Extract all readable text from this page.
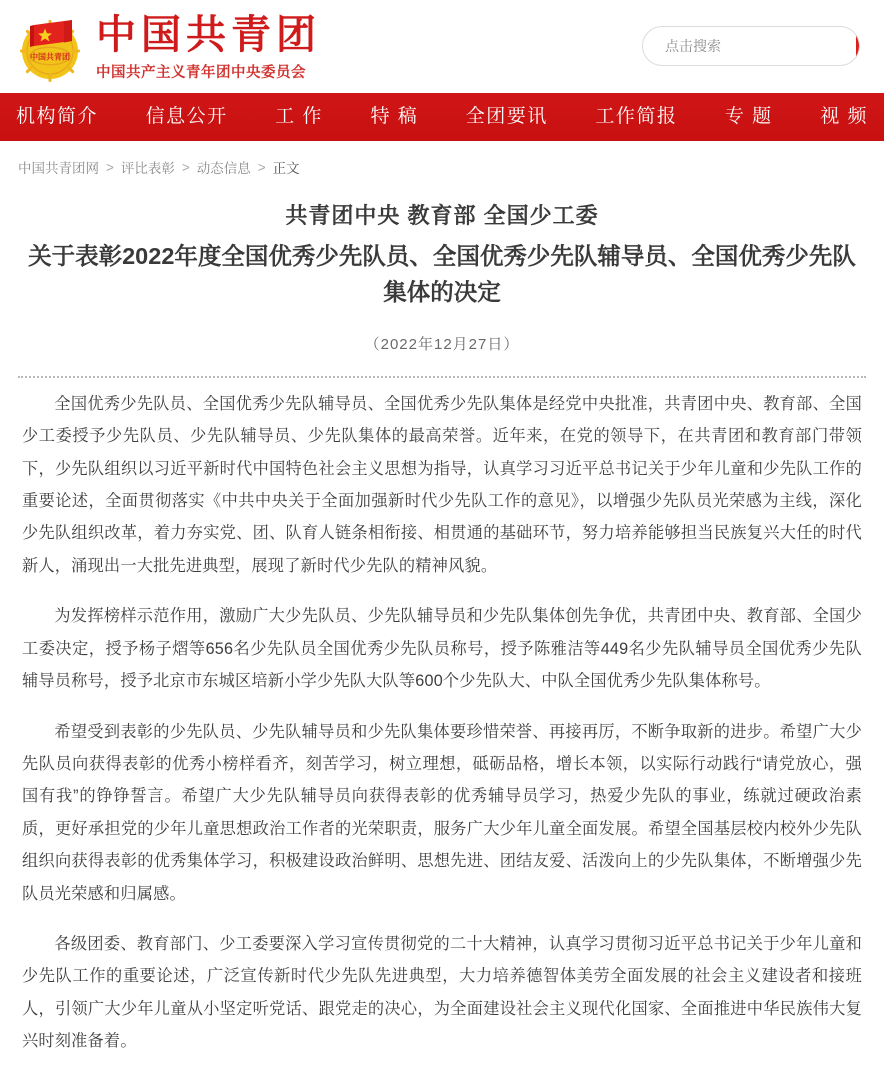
中国共青团 中国共青团
中国共产主义青年团中央委员会
点击搜索
机构简介	信息公开	工 作	特 稿	全团要讯	工作简报	专 题	视 频
中国共青团网 > 评比表彰 > 动态信息 > 正文
共青团中央 教育部 全国少工委
关于表彰2022年度全国优秀少先队员、全国优秀少先队辅导员、全国优秀少先队集体的决定
（2022年12月27日）

全国优秀少先队员、全国优秀少先队辅导员、全国优秀少先队集体是经党中央批准，共青团中央、教育部、全国少工委授予少先队员、少先队辅导员、少先队集体的最高荣誉。近年来，在党的领导下，在共青团和教育部门带领下，少先队组织以习近平新时代中国特色社会主义思想为指导，认真学习习近平总书记关于少年儿童和少先队工作的重要论述，全面贯彻落实《中共中央关于全面加强新时代少先队工作的意见》，以增强少先队员光荣感为主线，深化少先队组织改革，着力夯实党、团、队育人链条相衔接、相贯通的基础环节，努力培养能够担当民族复兴大任的时代新人，涌现出一大批先进典型，展现了新时代少先队的精神风貌。

为发挥榜样示范作用，激励广大少先队员、少先队辅导员和少先队集体创先争优，共青团中央、教育部、全国少工委决定，授予杨子熠等656名少先队员全国优秀少先队员称号，授予陈雅洁等449名少先队辅导员全国优秀少先队辅导员称号，授予北京市东城区培新小学少先队大队等600个少先队大、中队全国优秀少先队集体称号。

希望受到表彰的少先队员、少先队辅导员和少先队集体要珍惜荣誉、再接再厉，不断争取新的进步。希望广大少先队员向获得表彰的优秀小榜样看齐，刻苦学习，树立理想，砥砺品格，增长本领，以实际行动践行“请党放心，强国有我”的铮铮誓言。希望广大少先队辅导员向获得表彰的优秀辅导员学习，热爱少先队的事业，练就过硬政治素质，更好承担党的少年儿童思想政治工作者的光荣职责，服务广大少年儿童全面发展。希望全国基层校内校外少先队组织向获得表彰的优秀集体学习，积极建设政治鲜明、思想先进、团结友爱、活泼向上的少先队集体，不断增强少先队员光荣感和归属感。

各级团委、教育部门、少工委要深入学习宣传贯彻党的二十大精神，认真学习贯彻习近平总书记关于少年儿童和少先队工作的重要论述，广泛宣传新时代少先队先进典型，大力培养德智体美劳全面发展的社会主义建设者和接班人，引领广大少年儿童从小坚定听党话、跟党走的决心，为全面建设社会主义现代化国家、全面推进中华民族伟大复兴时刻准备着。
